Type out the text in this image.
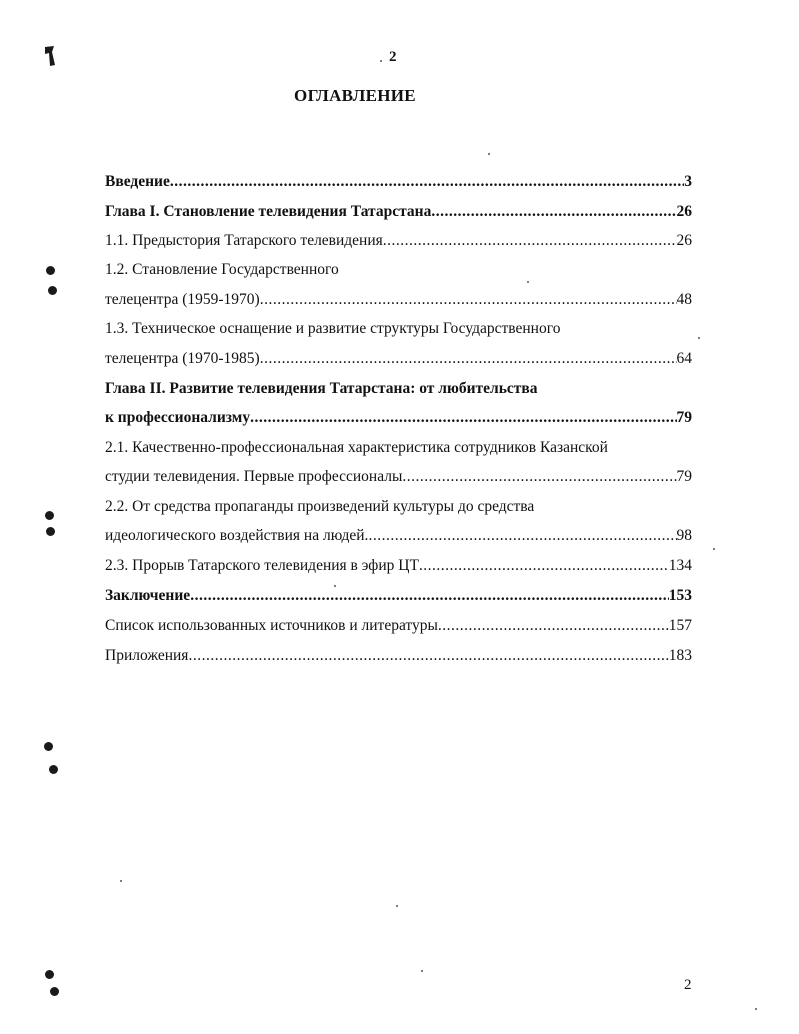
2
ОГЛАВЛЕНИЕ
Введение .....	3
Глава I. Становление телевидения Татарстана .....	26
1.1. Предыстория Татарского телевидения .....	26
1.2. Становление Государственного
телецентра (1959-1970) .....	48
1.3. Техническое оснащение и развитие структуры Государственного
телецентра (1970-1985) .....	64
Глава II. Развитие телевидения Татарстана: от любительства
к профессионализму .....	79
2.1. Качественно-профессиональная характеристика сотрудников Казанской
студии телевидения. Первые профессионалы .....	79
2.2. От средства пропаганды произведений культуры до средства
идеологического воздействия на людей. .....	98
2.3. Прорыв Татарского телевидения в эфир ЦТ .....	134
Заключение .....	153
Список использованных источников и литературы .....	157
Приложения .....	183
2
